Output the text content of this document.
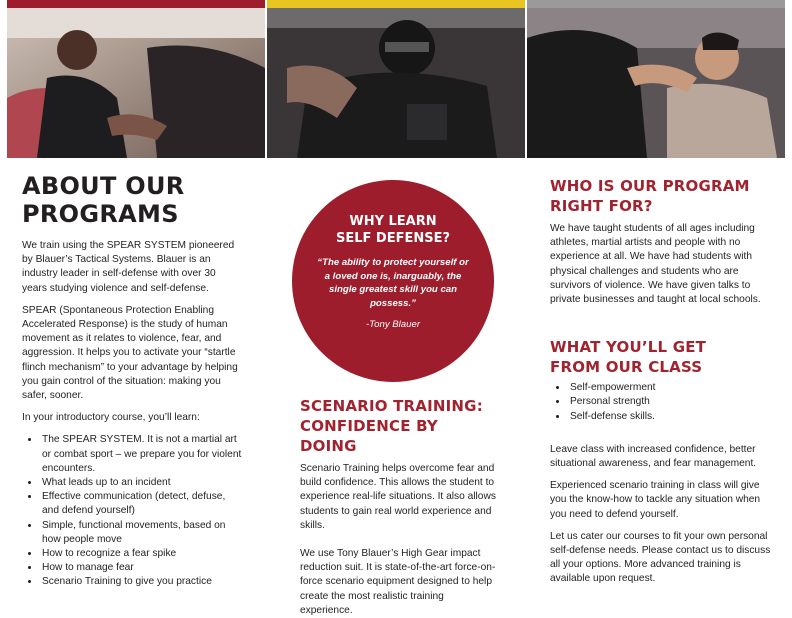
ABOUT OUR
PROGRAMS

We train using the SPEAR SYSTEM pioneered by Blauer’s Tactical Systems. Blauer is an industry leader in self-defense with over 30 years studying violence and self-defense.

SPEAR (Spontaneous Protection Enabling Accelerated Response) is the study of human movement as it relates to violence, fear, and aggression. It helps you to activate your “startle flinch mechanism” to your advantage by helping you gain control of the situation: making you safer, sooner.

In your introductory course, you’ll learn:

• The SPEAR SYSTEM. It is not a martial art or combat sport – we prepare you for violent encounters.
• What leads up to an incident
• Effective communication (detect, defuse, and defend yourself)
• Simple, functional movements, based on how people move
• How to recognize a fear spike
• How to manage fear
• Scenario Training to give you practice
WHY LEARN
SELF DEFENSE?
“The ability to protect yourself or a loved one is, inarguably, the single greatest skill you can possess.”
-Tony Blauer
SCENARIO TRAINING:
CONFIDENCE BY DOING

Scenario Training helps overcome fear and build confidence. This allows the student to experience real-life situations. It also allows students to gain real world experience and skills.

We use Tony Blauer’s High Gear impact reduction suit. It is state-of-the-art force-on-force scenario equipment designed to help create the most realistic training experience.

WHO IS OUR PROGRAM
RIGHT FOR?

We have taught students of all ages including athletes, martial artists and people with no experience at all. We have had students with physical challenges and students who are survivors of violence. We have given talks to private businesses and taught at local schools.

WHAT YOU’LL GET
FROM OUR CLASS
• Self-empowerment
• Personal strength
• Self-defense skills.

Leave class with increased confidence, better situational awareness, and fear management.

Experienced scenario training in class will give you the know-how to tackle any situation when you need to defend yourself.

Let us cater our courses to fit your own personal self-defense needs. Please contact us to discuss all your options. More advanced training is available upon request.
